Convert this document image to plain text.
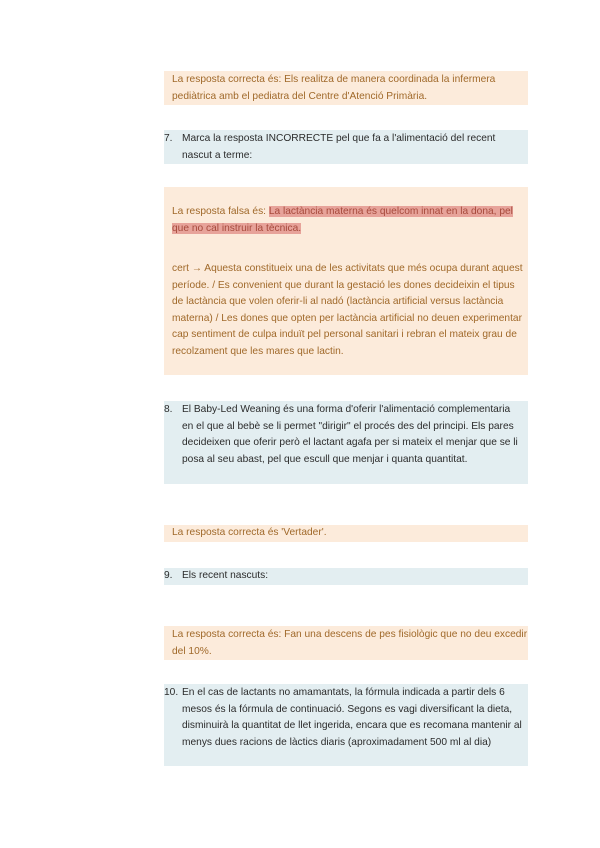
La resposta correcta és: Els realitza de manera coordinada la infermera pediàtrica amb el pediatra del Centre d'Atenció Primària.
7. Marca la resposta INCORRECTE pel que fa a l'alimentació del recent nascut a terme:
La resposta falsa és: La lactància materna és quelcom innat en la dona, pel que no cal instruir la tècnica.
cert → Aquesta constitueix una de les activitats que més ocupa durant aquest període. / Es convenient que durant la gestació les dones decideixin el tipus de lactància que volen oferir-li al nadó (lactància artificial versus lactància materna) / Les dones que opten per lactància artificial no deuen experimentar cap sentiment de culpa induït pel personal sanitari i rebran el mateix grau de recolzament que les mares que lactin.
8. El Baby-Led Weaning és una forma d'oferir l'alimentació complementaria en el que al bebè se li permet "dirigir" el procés des del principi. Els pares decideixen que oferir però el lactant agafa per si mateix el menjar que se li posa al seu abast, pel que escull que menjar i quanta quantitat.
La resposta correcta és 'Vertader'.
9. Els recent nascuts:
La resposta correcta és: Fan una descens de pes fisiològic que no deu excedir del 10%.
10. En el cas de lactants no amamantats, la fórmula indicada a partir dels 6 mesos és la fórmula de continuació. Segons es vagi diversificant la dieta, disminuirà la quantitat de llet ingerida, encara que es recomana mantenir al menys dues racions de làctics diaris (aproximadament 500 ml al dia)
